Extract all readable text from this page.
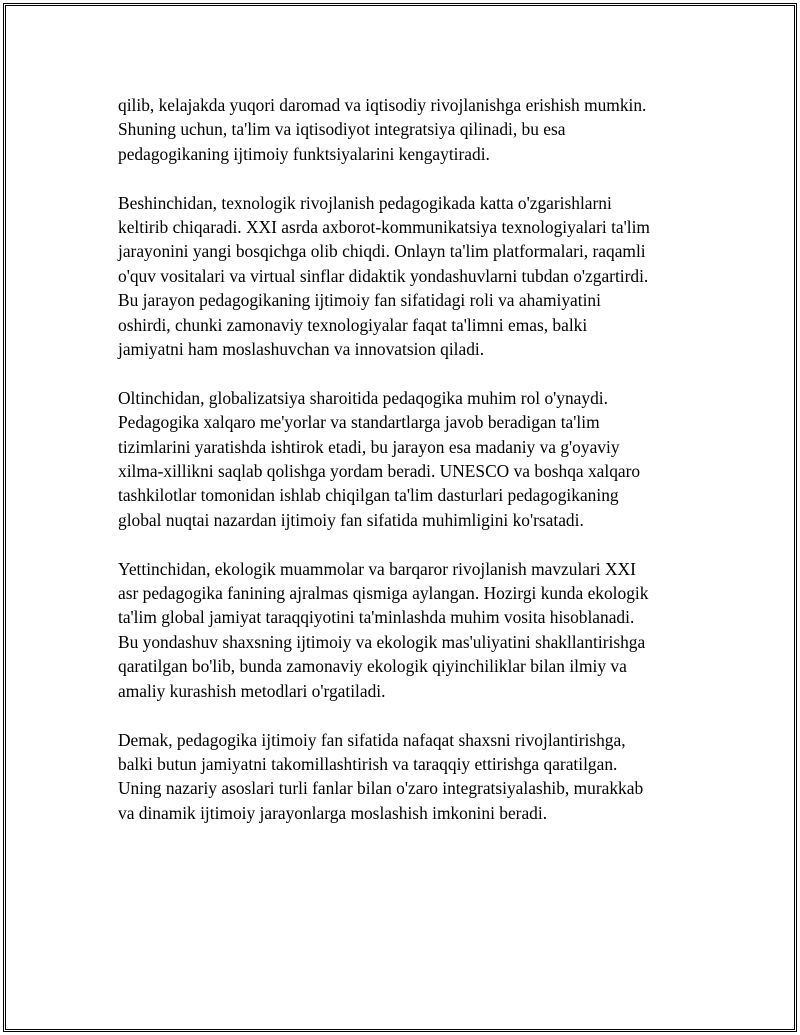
qilib, kelajakda yuqori daromad va iqtisodiy rivojlanishga erishish mumkin.
Shuning uchun, ta'lim va iqtisodiyot integratsiya qilinadi, bu esa
pedagogikaning ijtimoiy funktsiyalarini kengaytiradi.

Beshinchidan, texnologik rivojlanish pedagogikada katta o'zgarishlarni
keltirib chiqaradi. XXI asrda axborot-kommunikatsiya texnologiyalari ta'lim
jarayonini yangi bosqichga olib chiqdi. Onlayn ta'lim platformalari, raqamli
o'quv vositalari va virtual sinflar didaktik yondashuvlarni tubdan o'zgartirdi.
Bu jarayon pedagogikaning ijtimoiy fan sifatidagi roli va ahamiyatini
oshirdi, chunki zamonaviy texnologiyalar faqat ta'limni emas, balki
jamiyatni ham moslashuvchan va innovatsion qiladi.

Oltinchidan, globalizatsiya sharoitida pedaqogika muhim rol o'ynaydi.
Pedagogika xalqaro me'yorlar va standartlarga javob beradigan ta'lim
tizimlarini yaratishda ishtirok etadi, bu jarayon esa madaniy va g'oyaviy
xilma-xillikni saqlab qolishga yordam beradi. UNESCO va boshqa xalqaro
tashkilotlar tomonidan ishlab chiqilgan ta'lim dasturlari pedagogikaning
global nuqtai nazardan ijtimoiy fan sifatida muhimligini ko'rsatadi.

Yettinchidan, ekologik muammolar va barqaror rivojlanish mavzulari XXI
asr pedagogika fanining ajralmas qismiga aylangan. Hozirgi kunda ekologik
ta'lim global jamiyat taraqqiyotini ta'minlashda muhim vosita hisoblanadi.
Bu yondashuv shaxsning ijtimoiy va ekologik mas'uliyatini shakllantirishga
qaratilgan bo'lib, bunda zamonaviy ekologik qiyinchiliklar bilan ilmiy va
amaliy kurashish metodlari o'rgatiladi.

Demak, pedagogika ijtimoiy fan sifatida nafaqat shaxsni rivojlantirishga,
balki butun jamiyatni takomillashtirish va taraqqiy ettirishga qaratilgan.
Uning nazariy asoslari turli fanlar bilan o'zaro integratsiyalashib, murakkab
va dinamik ijtimoiy jarayonlarga moslashish imkonini beradi.
